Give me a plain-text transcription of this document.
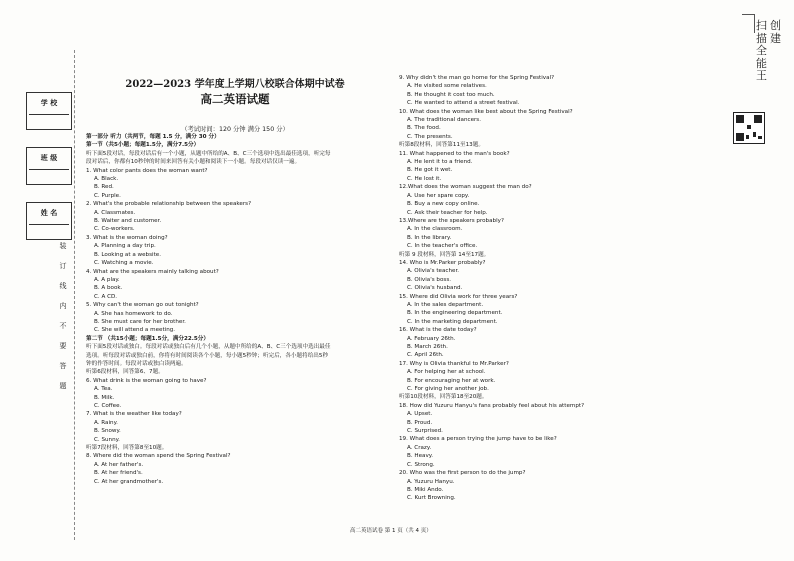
学 校
班 级
姓 名
装
订
线
内
不
要
答
题
2022—2023 学年度上学期八校联合体期中试卷
高二英语试题
（考试时间：120 分钟 满分 150 分）
第一部分 听力（共两节，每题 1.5 分，满分 30 分）
第一节（共5小题；每题1.5分，满分7.5分）
听下面5段对话，每段对话后有一个小题，从题中所给的A、B、C三个选项中选出最佳选项，听完每
段对话后，你都有10秒钟的时间来回答有关小题和阅读下一小题。每段对话仅读一遍。
1. What color pants does the woman want?
A. Black.
B. Red.
C. Purple.
2. What's the probable relationship between the speakers?
A. Classmates.
B. Waiter and customer.
C. Co-workers.
3. What is the woman doing?
A. Planning a day trip.
B. Looking at a website.
C. Watching a movie.
4. What are the speakers mainly talking about?
A. A play.
B. A book.
C. A CD.
5. Why can't the woman go out tonight?
A. She has homework to do.
B. She must care for her brother.
C. She will attend a meeting.
第二节 （共15小题；每题1.5分，满分22.5分）
听下面5段对话或独白。每段对话或独白后有几个小题，从题中所给的A、B、C三个选项中选出最佳
选项。听每段对话或独白前，你将有时间阅读各个小题，每小题5秒钟；听完后，各小题将给出5秒
钟的作答时间。每段对话或独白读两遍。
听第6段材料，回答第6、7题。
6. What drink is the woman going to have?
A. Tea.
B. Milk.
C. Coffee.
7. What is the weather like today?
A. Rainy.
B. Snowy.
C. Sunny.
听第7段材料，回答第8至10题。
8. Where did the woman spend the Spring Festival?
A. At her father's.
B. At her friend's.
C. At her grandmother's.
9. Why didn't the man go home for the Spring Festival?
A. He visited some relatives.
B. He thought it cost too much.
C. He wanted to attend a street festival.
10. What does the woman like best about the Spring Festival?
A. The traditional dancers.
B. The food.
C. The presents.
听第8段材料，回答第11至13题。
11. What happened to the man's book?
A. He lent it to a friend.
B. He got it wet.
C. He lost it.
12.What does the woman suggest the man do?
A. Use her spare copy.
B. Buy a new copy online.
C. Ask their teacher for help.
13.Where are the speakers probably?
A. In the classroom.
B. In the library.
C. In the teacher's office.
听第 9 段材料，回答第 14至17题。
14. Who is Mr.Parker probably?
A. Olivia's teacher.
B. Olivia's boss.
C. Olivia's husband.
15. Where did Olivia work for three years?
A. In the sales department.
B. In the engineering department.
C. In the marketing department.
16. What is the date today?
A. February 26th.
B. March 26th.
C. April 26th.
17. Why is Olivia thankful to Mr.Parker?
A. For helping her at school.
B. For encouraging her at work.
C. For giving her another job.
听第10段材料，回答第18至20题。
18. How did Yuzuru Hanyu's fans probably feel about his attempt?
A. Upset.
B. Proud.
C. Surprised.
19. What does a person trying the jump have to be like?
A. Crazy.
B. Heavy.
C. Strong.
20. Who was the first person to do the jump?
A. Yuzuru Hanyu.
B. Miki Ando.
C. Kurt Browning.
高二英语试卷 第 1 页（共 4 页）
扫描全能王
创建
